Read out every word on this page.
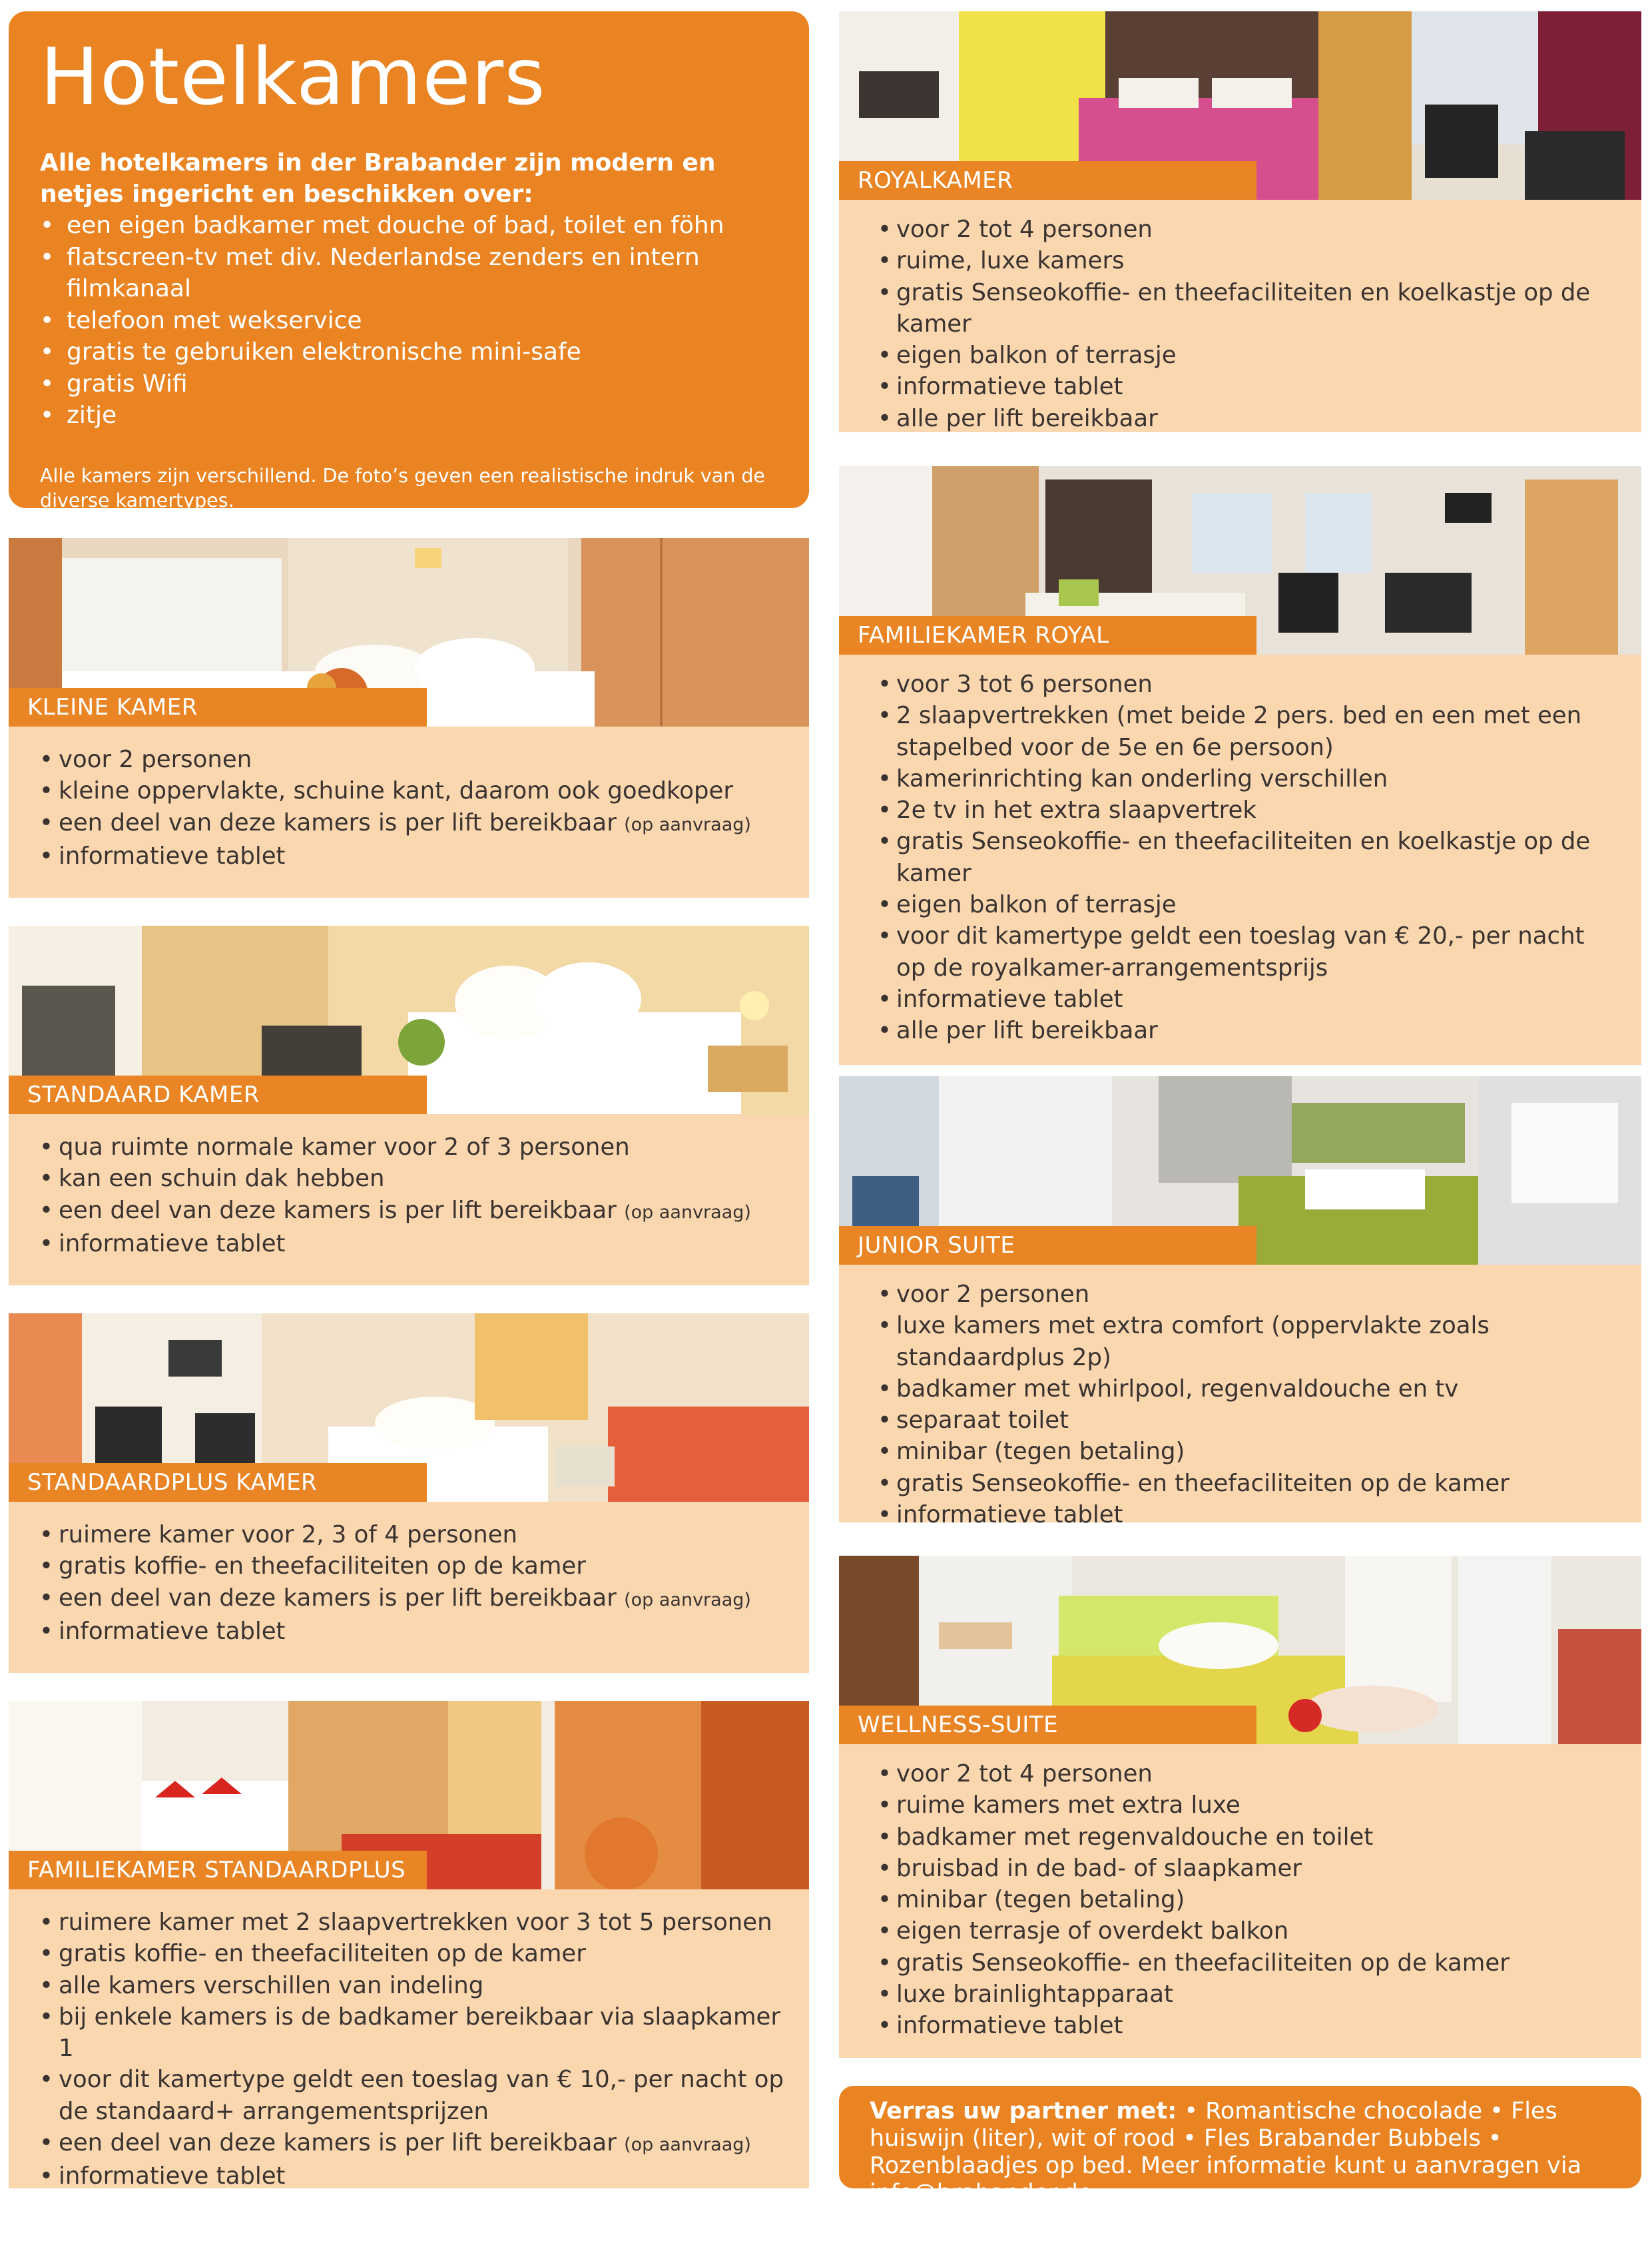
Hotelkamers
Alle hotelkamers in der Brabander zijn modern en netjes ingericht en beschikken over:
• een eigen badkamer met douche of bad, toilet en föhn
• flatscreen-tv met div. Nederlandse zenders en intern filmkanaal
• telefoon met wekservice
• gratis te gebruiken elektronische mini-safe
• gratis Wifi
• zitje
Alle kamers zijn verschillend. De foto’s geven een realistische indruk van de diverse kamertypes.
KLEINE KAMER
• voor 2 personen
• kleine oppervlakte, schuine kant, daarom ook goedkoper
• een deel van deze kamers is per lift bereikbaar (op aanvraag)
• informatieve tablet
STANDAARD KAMER
• qua ruimte normale kamer voor 2 of 3 personen
• kan een schuin dak hebben
• een deel van deze kamers is per lift bereikbaar (op aanvraag)
• informatieve tablet
STANDAARDPLUS KAMER
• ruimere kamer voor 2, 3 of 4 personen
• gratis koffie- en theefaciliteiten op de kamer
• een deel van deze kamers is per lift bereikbaar (op aanvraag)
• informatieve tablet
FAMILIEKAMER STANDAARDPLUS
• ruimere kamer met 2 slaapvertrekken voor 3 tot 5 personen
• gratis koffie- en theefaciliteiten op de kamer
• alle kamers verschillen van indeling
• bij enkele kamers is de badkamer bereikbaar via slaapkamer 1
• voor dit kamertype geldt een toeslag van € 10,- per nacht op de standaard+ arrangementsprijzen
• een deel van deze kamers is per lift bereikbaar (op aanvraag)
• informatieve tablet
ROYALKAMER
• voor 2 tot 4 personen
• ruime, luxe kamers
• gratis Senseokoffie- en theefaciliteiten en koelkastje op de kamer
• eigen balkon of terrasje
• informatieve tablet
• alle per lift bereikbaar
FAMILIEKAMER ROYAL
• voor 3 tot 6 personen
• 2 slaapvertrekken (met beide 2 pers. bed en een met een stapelbed voor de 5e en 6e persoon)
• kamerinrichting kan onderling verschillen
• 2e tv in het extra slaapvertrek
• gratis Senseokoffie- en theefaciliteiten en koelkastje op de kamer
• eigen balkon of terrasje
• voor dit kamertype geldt een toeslag van € 20,- per nacht op de royalkamer-arrangementsprijs
• informatieve tablet
• alle per lift bereikbaar
JUNIOR SUITE
• voor 2 personen
• luxe kamers met extra comfort (oppervlakte zoals standaardplus 2p)
• badkamer met whirlpool, regenvaldouche en tv
• separaat toilet
• minibar (tegen betaling)
• gratis Senseokoffie- en theefaciliteiten op de kamer
• informatieve tablet
WELLNESS-SUITE
• voor 2 tot 4 personen
• ruime kamers met extra luxe
• badkamer met regenvaldouche en toilet
• bruisbad in de bad- of slaapkamer
• minibar (tegen betaling)
• eigen terrasje of overdekt balkon
• gratis Senseokoffie- en theefaciliteiten op de kamer
• luxe brainlightapparaat
• informatieve tablet
Verras uw partner met: • Romantische chocolade • Fles huiswijn (liter), wit of rood • Fles Brabander Bubbels • Rozenblaadjes op bed. Meer informatie kunt u aanvragen via info@brabander.de
